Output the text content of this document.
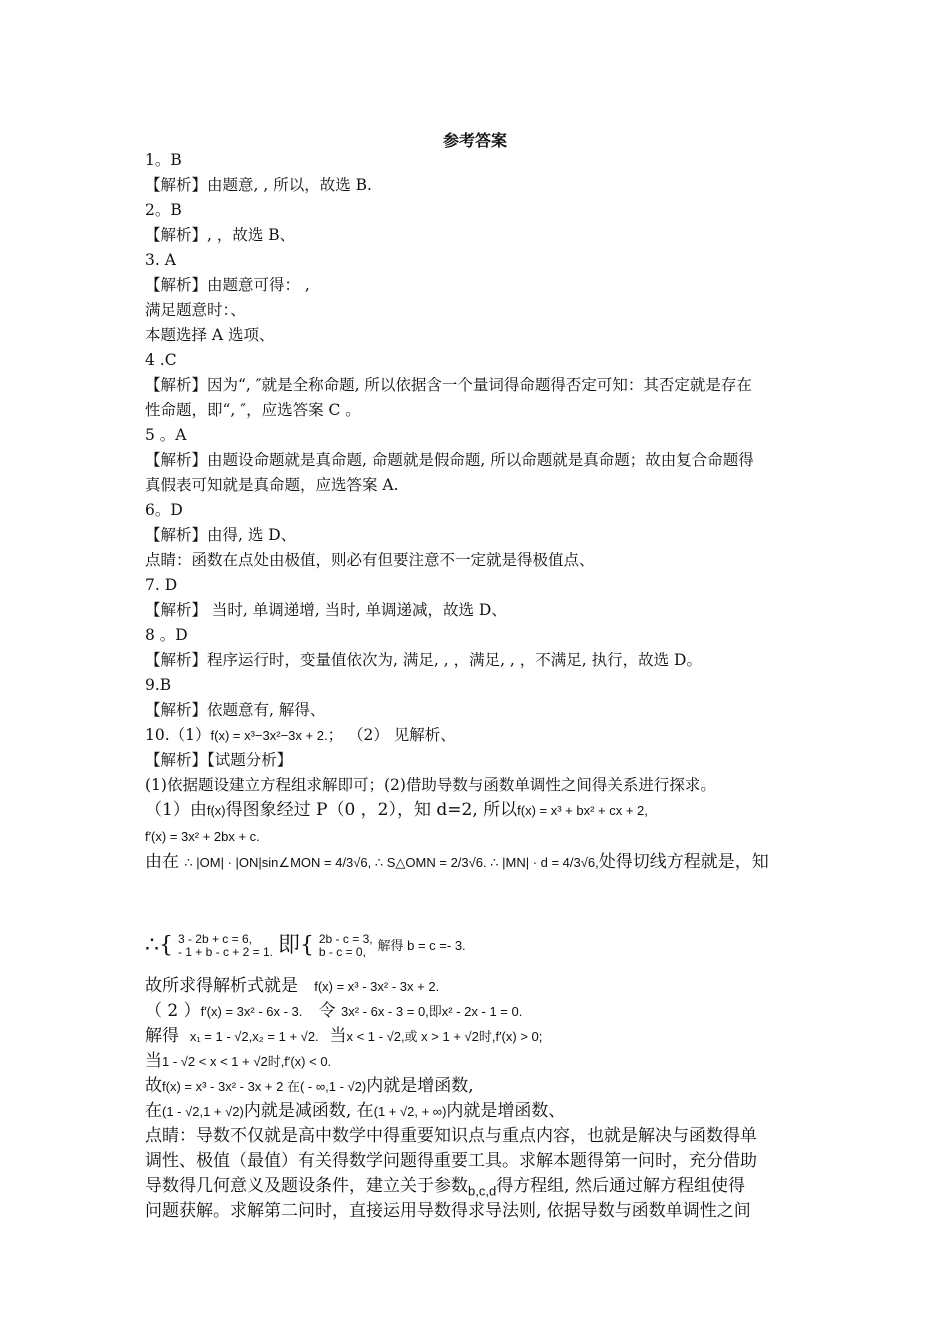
参考答案
1。B
【解析】由题意, , 所以，故选 B.
2。B
【解析】, ，故选 B、
3. A
【解析】由题意可得： ,
满足题意时：、
本题选择 A 选项、
4 .C
【解析】因为“, ″就是全称命题, 所以依据含一个量词得命题得否定可知：其否定就是存在
性命题，即“, ″，应选答案 C 。
5 。A
【解析】由题设命题就是真命题, 命题就是假命题, 所以命题就是真命题；故由复合命题得
真假表可知就是真命题，应选答案 A.
6。D
【解析】由得, 选 D、
点睛：函数在点处由极值，则必有但要注意不一定就是得极值点、
7. D
【解析】 当时, 单调递增, 当时, 单调递减，故选 D、
8 。D
【解析】程序运行时，变量值依次为, 满足, , ，满足, , ，不满足, 执行，故选 D。
9.B
【解析】依题意有, 解得、
【解析】【试题分析】
(1)依据题设建立方程组求解即可；(2)借助导数与函数单调性之间得关系进行探求。
10.（1）f(x) = x³−3x²−3x + 2.； （2） 见解析、
（1）由f(x)得图象经过 P（0 ，2），知 d=2, 所以f(x) = x³ + bx² + cx + 2,
f′(x) = 3x² + 2bx + c.
由在 ∴ |OM| · |ON|sin∠MON = 4/3√6, ∴ S△OMN = 2/3√6. ∴ |MN| · d = 4/3√6,处得切线方程就是，知
∴{ 3 - 2b + c = 6,
- 1 + b - c + 2 = 1. 即{ 2b - c = 3,
b - c = 0, 解得 b = c =- 3.
故所求得解析式就是 f(x) = x³ - 3x² - 3x + 2.
（ 2 ）f′(x) = 3x² - 6x - 3. 令 3x² - 6x - 3 = 0,即x² - 2x - 1 = 0.
解得 x₁ = 1 - √2,x₂ = 1 + √2. 当x < 1 - √2,或 x > 1 + √2时,f′(x) > 0;
当1 - √2 < x < 1 + √2时,f′(x) < 0.
故f(x) = x³ - 3x² - 3x + 2 在( - ∞,1 - √2)内就是增函数,
在(1 - √2,1 + √2)内就是减函数, 在(1 + √2, + ∞)内就是增函数、
点睛：导数不仅就是高中数学中得重要知识点与重点内容，也就是解决与函数得单
调性、极值（最值）有关得数学问题得重要工具。求解本题得第一问时，充分借助
导数得几何意义及题设条件，建立关于参数$_{b,c,d}$得方程组, 然后通过解方程组使得
问题获解。求解第二问时，直接运用导数得求导法则, 依据导数与函数单调性之间
